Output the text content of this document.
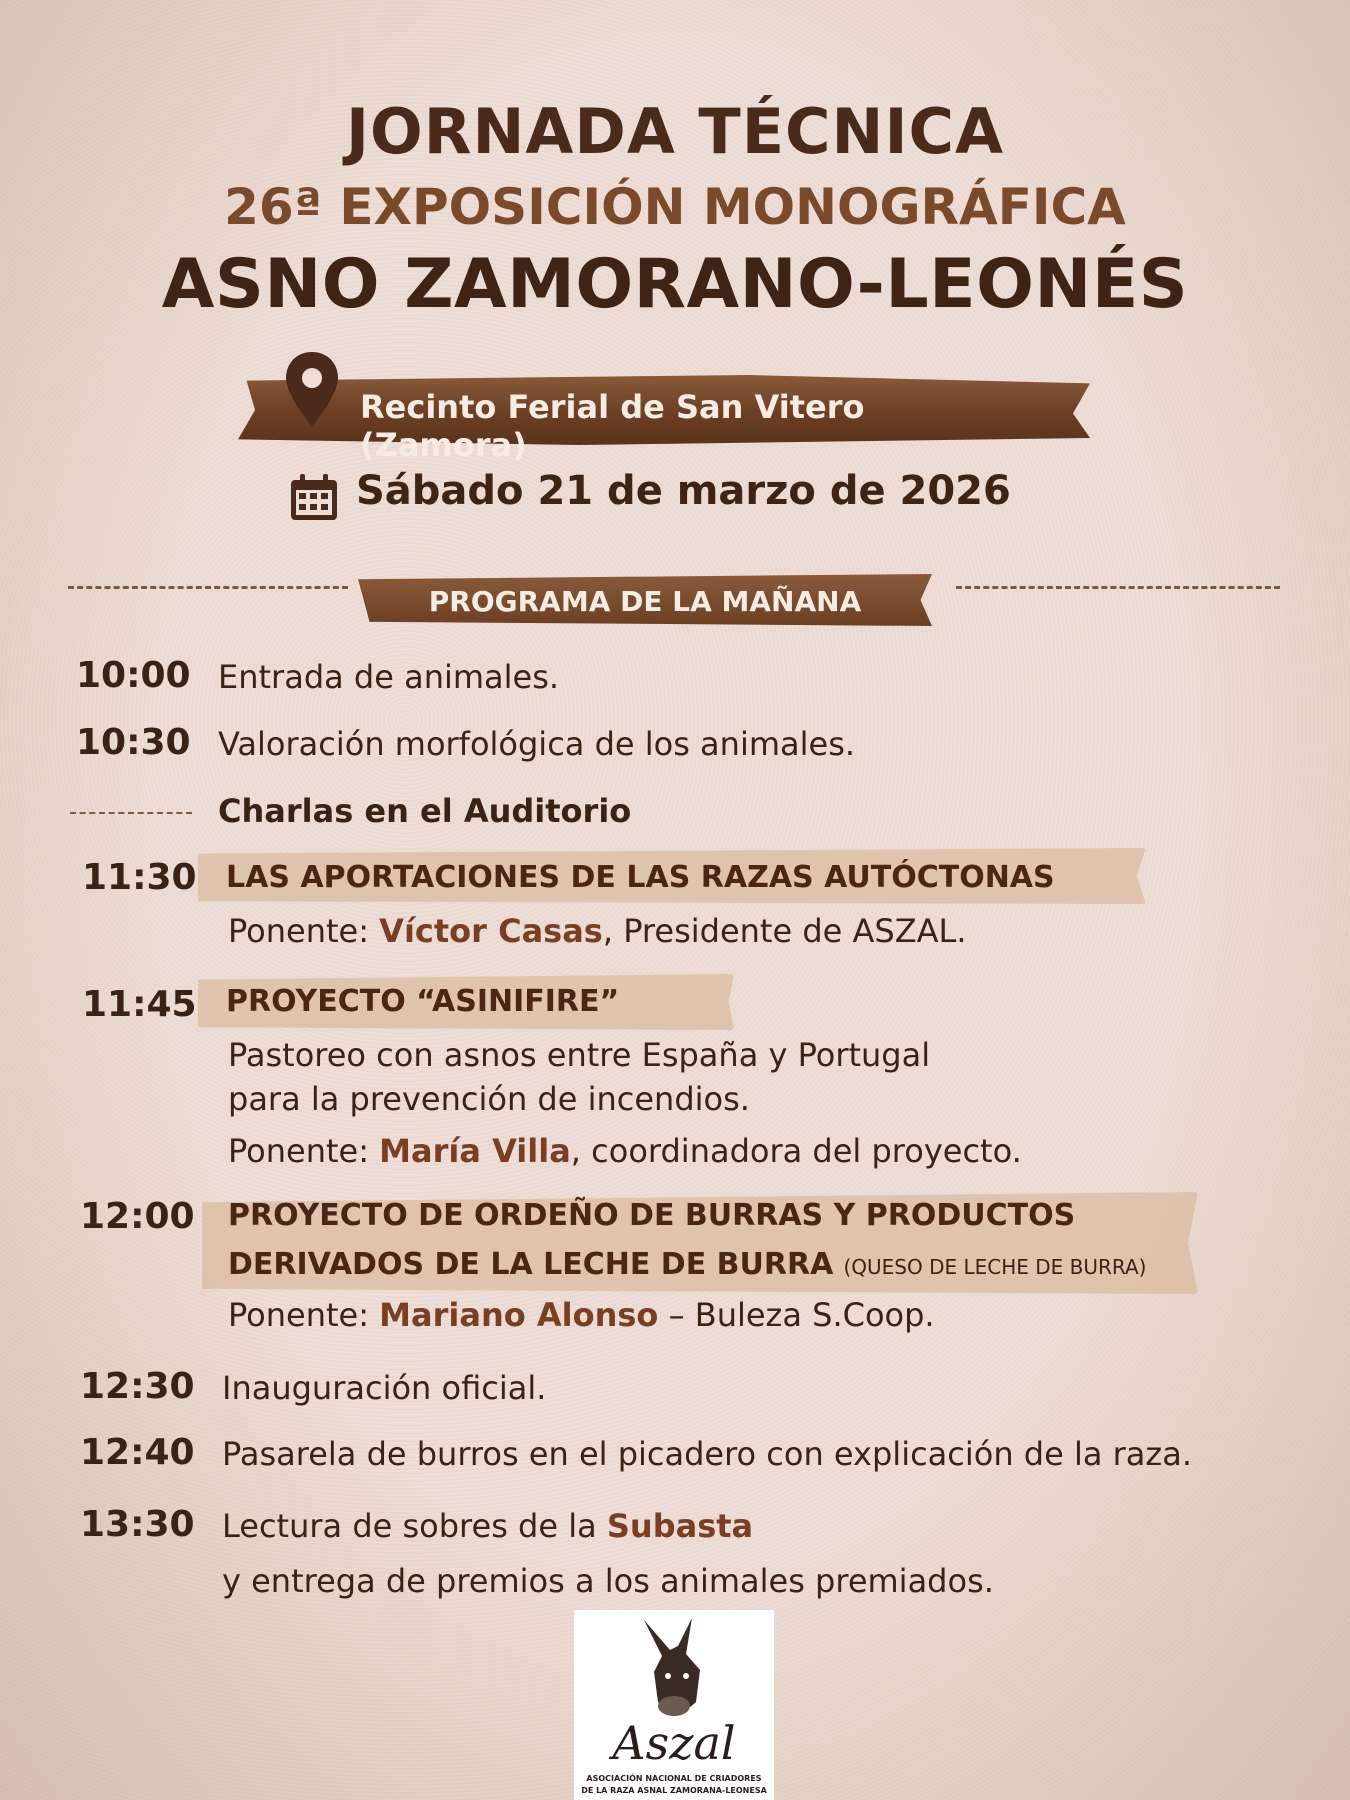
JORNADA TÉCNICA
26ª EXPOSICIÓN MONOGRÁFICA
ASNO ZAMORANO-LEONÉS
Recinto Ferial de San Vitero (Zamora)
Sábado 21 de marzo de 2026
PROGRAMA DE LA MAÑANA
10:00 Entrada de animales.
10:30 Valoración morfológica de los animales.
Charlas en el Auditorio
11:30 LAS APORTACIONES DE LAS RAZAS AUTÓCTONAS
Ponente: Víctor Casas, Presidente de ASZAL.
11:45 PROYECTO “ASINIFIRE”
Pastoreo con asnos entre España y Portugal
para la prevención de incendios.
Ponente: María Villa, coordinadora del proyecto.
12:00 PROYECTO DE ORDEÑO DE BURRAS Y PRODUCTOS
DERIVADOS DE LA LECHE DE BURRA (QUESO DE LECHE DE BURRA)
Ponente: Mariano Alonso – Buleza S.Coop.
12:30 Inauguración oficial.
12:40 Pasarela de burros en el picadero con explicación de la raza.
13:30 Lectura de sobres de la Subasta
y entrega de premios a los animales premiados.
Aszal
ASOCIACIÓN NACIONAL DE CRIADORES
DE LA RAZA ASNAL ZAMORANA-LEONESA
